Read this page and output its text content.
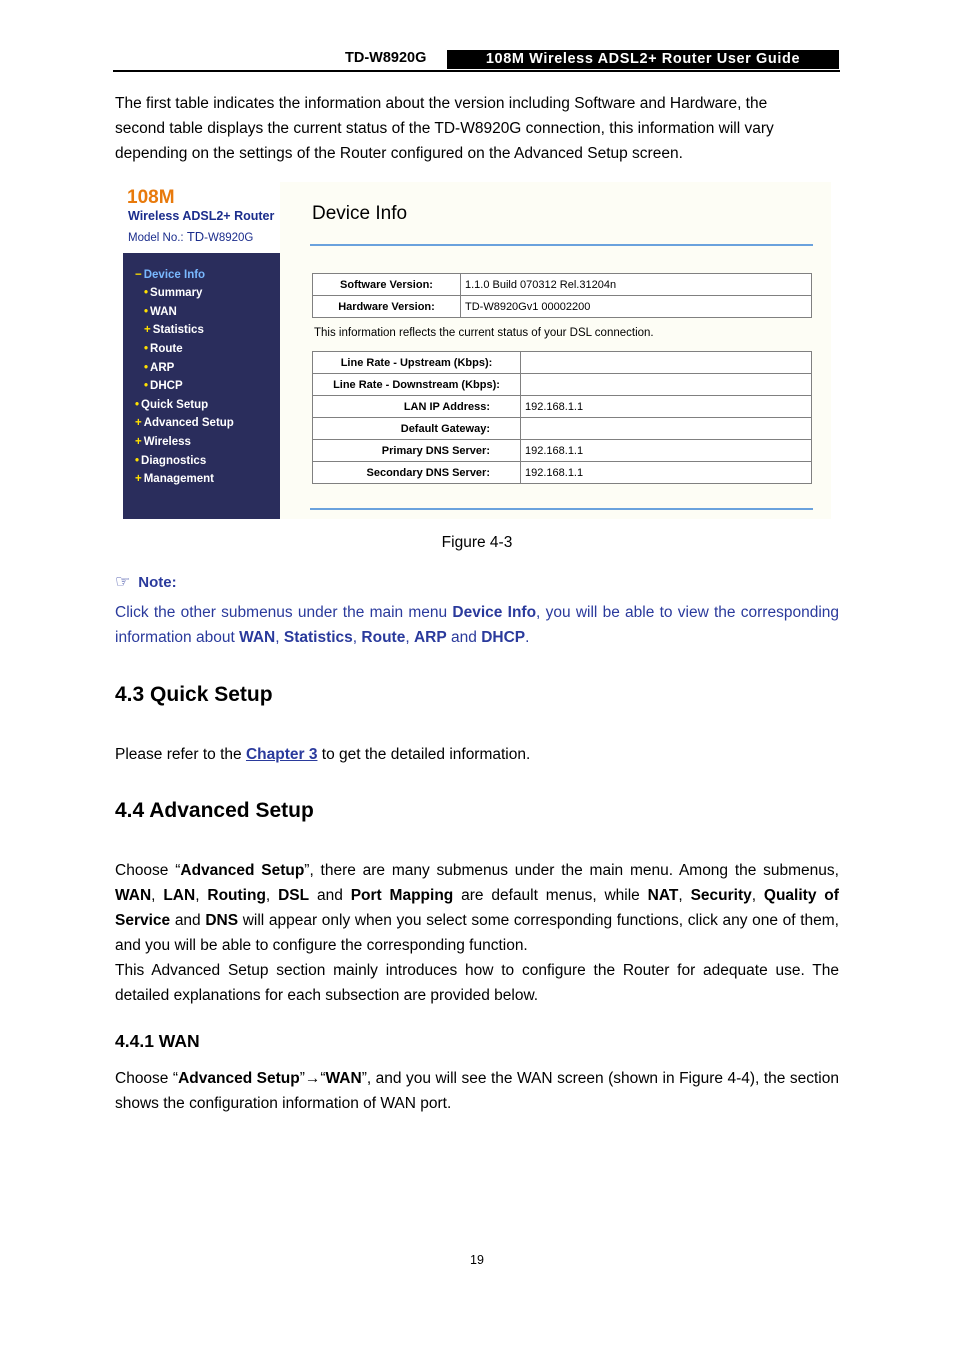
TD-W8920G	108M Wireless ADSL2+ Router User Guide
The first table indicates the information about the version including Software and Hardware, the
second table displays the current status of the TD-W8920G connection, this information will vary
depending on the settings of the Router configured on the Advanced Setup screen.
108M
Wireless ADSL2+ Router
Model No.: TD-W8920G
− Device Info
• Summary
• WAN
+ Statistics
• Route
• ARP
• DHCP
• Quick Setup
+ Advanced Setup
+ Wireless
• Diagnostics
+ Management
Device Info
Software Version:	1.1.0 Build 070312 Rel.31204n
Hardware Version:	TD-W8920Gv1 00002200
This information reflects the current status of your DSL connection.
Line Rate - Upstream (Kbps):	
Line Rate - Downstream (Kbps):	
LAN IP Address:	192.168.1.1
Default Gateway:	
Primary DNS Server:	192.168.1.1
Secondary DNS Server:	192.168.1.1
Figure 4-3
☞ Note:
Click the other submenus under the main menu Device Info, you will be able to view the corresponding information about WAN, Statistics, Route, ARP and DHCP.
4.3 Quick Setup
Please refer to the Chapter 3 to get the detailed information.
4.4 Advanced Setup
Choose “Advanced Setup”, there are many submenus under the main menu. Among the submenus, WAN, LAN, Routing, DSL and Port Mapping are default menus, while NAT, Security, Quality of Service and DNS will appear only when you select some corresponding functions, click any one of them, and you will be able to configure the corresponding function.
This Advanced Setup section mainly introduces how to configure the Router for adequate use. The detailed explanations for each subsection are provided below.
4.4.1 WAN
Choose “Advanced Setup”→“WAN”, and you will see the WAN screen (shown in Figure 4-4), the section shows the configuration information of WAN port.
19
